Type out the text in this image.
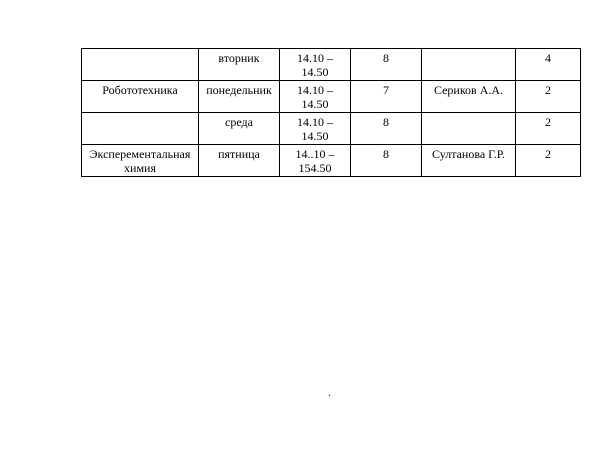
	вторник	14.10 – 14.50	8		4
Робототехника	понедельник	14.10 – 14.50	7	Сериков А.А.	2
	среда	14.10 – 14.50	8		2
Эксперементальная химия	пятница	14..10 – 154.50	8	Султанова Г.Р.	2
.
